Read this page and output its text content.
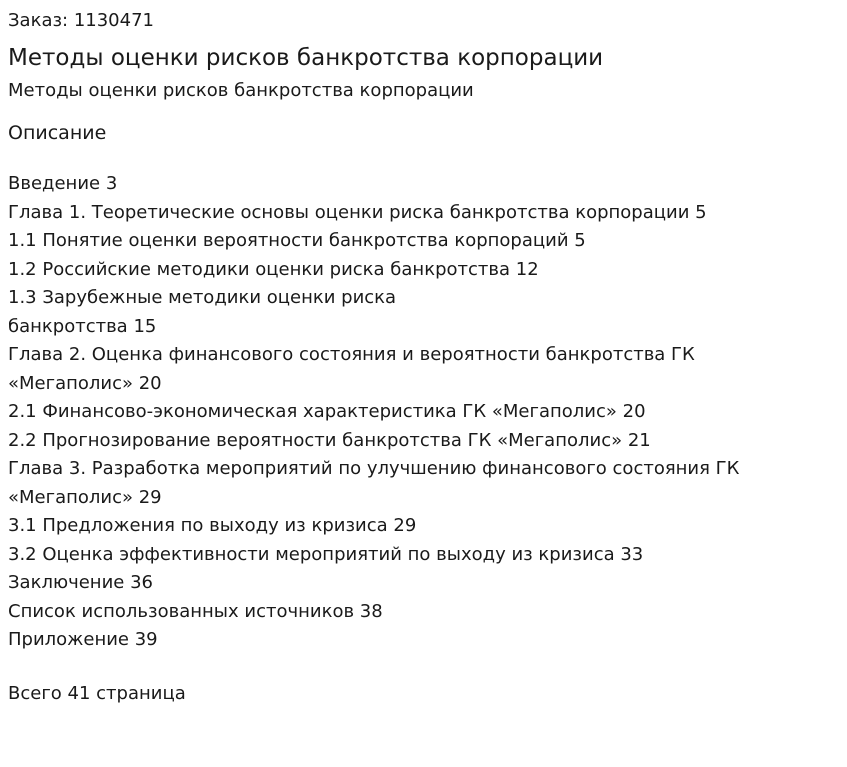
Заказ: 1130471
Методы оценки рисков банкротства корпорации
Методы оценки рисков банкротства корпорации
Описание
Введение 3
Глава 1. Теоретические основы оценки риска банкротства корпорации 5
1.1 Понятие оценки вероятности банкротства корпораций 5
1.2 Российские методики оценки риска банкротства 12
1.3 Зарубежные методики оценки риска банкротства 15
Глава 2. Оценка финансового состояния и вероятности банкротства ГК «Мегаполис» 20
2.1 Финансово-экономическая характеристика ГК «Мегаполис» 20
2.2 Прогнозирование вероятности банкротства ГК «Мегаполис» 21
Глава 3. Разработка мероприятий по улучшению финансового состояния ГК «Мегаполис» 29
3.1 Предложения по выходу из кризиса 29
3.2 Оценка эффективности мероприятий по выходу из кризиса 33
Заключение 36
Список использованных источников 38
Приложение 39
Всего 41 страница
